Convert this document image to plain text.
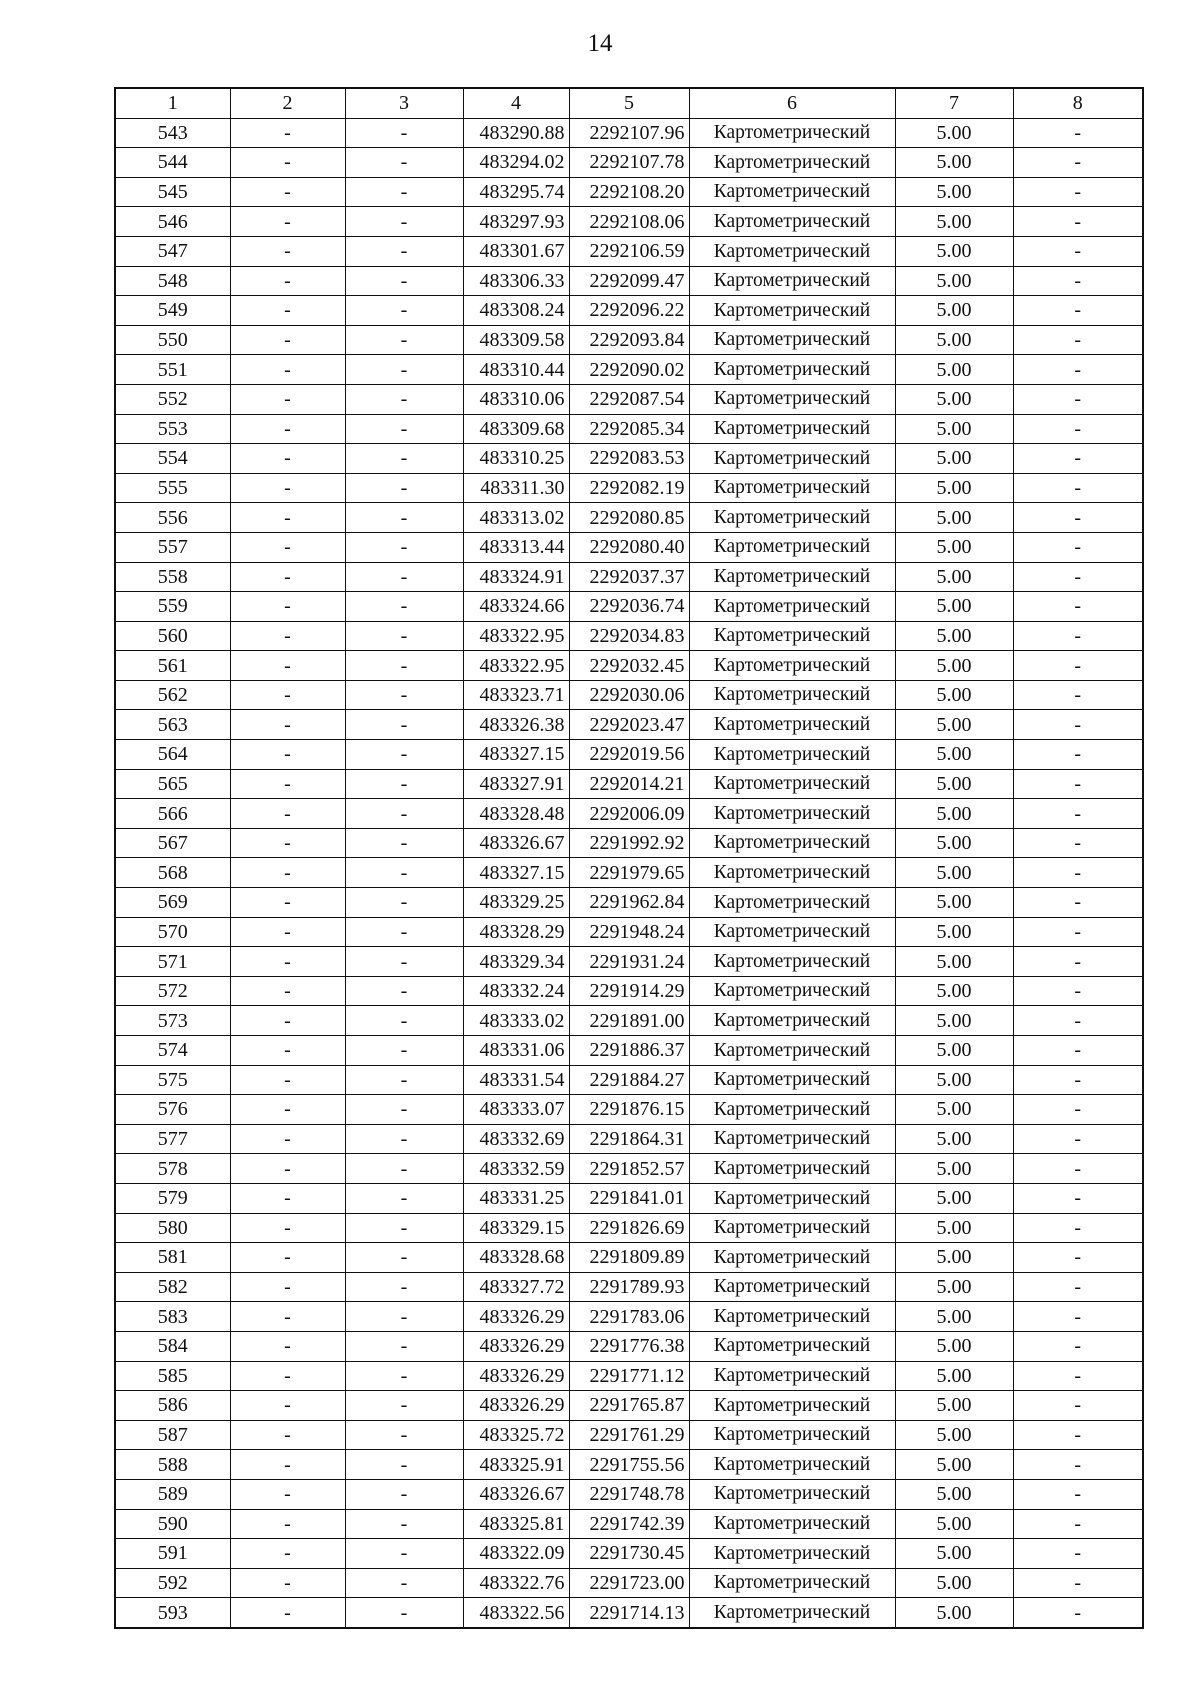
14
1	2	3	4	5	6	7	8
543	-	-	483290.88	2292107.96	Картометрический	5.00	-
544	-	-	483294.02	2292107.78	Картометрический	5.00	-
545	-	-	483295.74	2292108.20	Картометрический	5.00	-
546	-	-	483297.93	2292108.06	Картометрический	5.00	-
547	-	-	483301.67	2292106.59	Картометрический	5.00	-
548	-	-	483306.33	2292099.47	Картометрический	5.00	-
549	-	-	483308.24	2292096.22	Картометрический	5.00	-
550	-	-	483309.58	2292093.84	Картометрический	5.00	-
551	-	-	483310.44	2292090.02	Картометрический	5.00	-
552	-	-	483310.06	2292087.54	Картометрический	5.00	-
553	-	-	483309.68	2292085.34	Картометрический	5.00	-
554	-	-	483310.25	2292083.53	Картометрический	5.00	-
555	-	-	483311.30	2292082.19	Картометрический	5.00	-
556	-	-	483313.02	2292080.85	Картометрический	5.00	-
557	-	-	483313.44	2292080.40	Картометрический	5.00	-
558	-	-	483324.91	2292037.37	Картометрический	5.00	-
559	-	-	483324.66	2292036.74	Картометрический	5.00	-
560	-	-	483322.95	2292034.83	Картометрический	5.00	-
561	-	-	483322.95	2292032.45	Картометрический	5.00	-
562	-	-	483323.71	2292030.06	Картометрический	5.00	-
563	-	-	483326.38	2292023.47	Картометрический	5.00	-
564	-	-	483327.15	2292019.56	Картометрический	5.00	-
565	-	-	483327.91	2292014.21	Картометрический	5.00	-
566	-	-	483328.48	2292006.09	Картометрический	5.00	-
567	-	-	483326.67	2291992.92	Картометрический	5.00	-
568	-	-	483327.15	2291979.65	Картометрический	5.00	-
569	-	-	483329.25	2291962.84	Картометрический	5.00	-
570	-	-	483328.29	2291948.24	Картометрический	5.00	-
571	-	-	483329.34	2291931.24	Картометрический	5.00	-
572	-	-	483332.24	2291914.29	Картометрический	5.00	-
573	-	-	483333.02	2291891.00	Картометрический	5.00	-
574	-	-	483331.06	2291886.37	Картометрический	5.00	-
575	-	-	483331.54	2291884.27	Картометрический	5.00	-
576	-	-	483333.07	2291876.15	Картометрический	5.00	-
577	-	-	483332.69	2291864.31	Картометрический	5.00	-
578	-	-	483332.59	2291852.57	Картометрический	5.00	-
579	-	-	483331.25	2291841.01	Картометрический	5.00	-
580	-	-	483329.15	2291826.69	Картометрический	5.00	-
581	-	-	483328.68	2291809.89	Картометрический	5.00	-
582	-	-	483327.72	2291789.93	Картометрический	5.00	-
583	-	-	483326.29	2291783.06	Картометрический	5.00	-
584	-	-	483326.29	2291776.38	Картометрический	5.00	-
585	-	-	483326.29	2291771.12	Картометрический	5.00	-
586	-	-	483326.29	2291765.87	Картометрический	5.00	-
587	-	-	483325.72	2291761.29	Картометрический	5.00	-
588	-	-	483325.91	2291755.56	Картометрический	5.00	-
589	-	-	483326.67	2291748.78	Картометрический	5.00	-
590	-	-	483325.81	2291742.39	Картометрический	5.00	-
591	-	-	483322.09	2291730.45	Картометрический	5.00	-
592	-	-	483322.76	2291723.00	Картометрический	5.00	-
593	-	-	483322.56	2291714.13	Картометрический	5.00	-
